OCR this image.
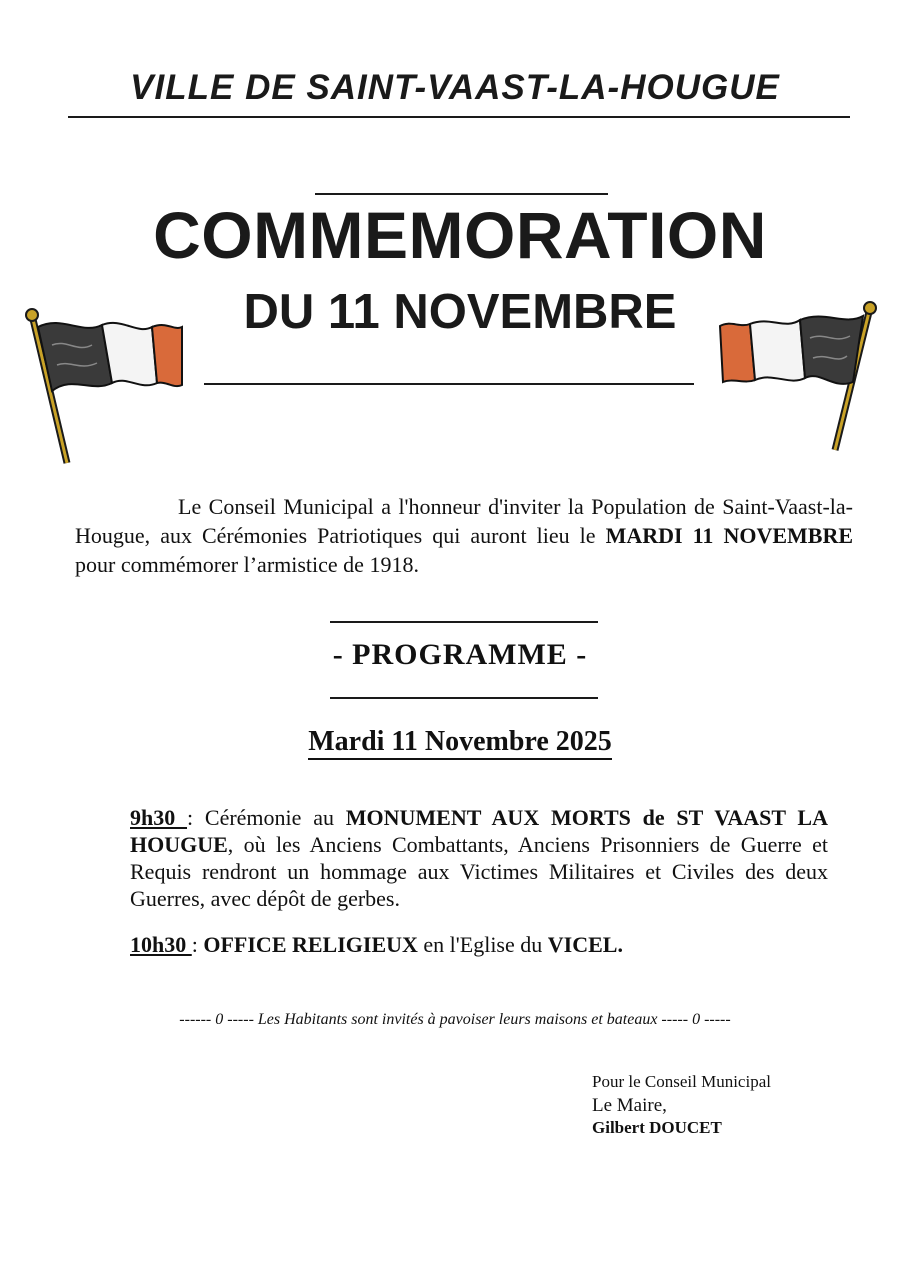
VILLE DE SAINT-VAAST-LA-HOUGUE
COMMEMORATION
DU 11 NOVEMBRE

Le Conseil Municipal a l'honneur d'inviter la Population de Saint-Vaast-la-Hougue, aux Cérémonies Patriotiques qui auront lieu le MARDI 11 NOVEMBRE pour commémorer l’armistice de 1918.

- PROGRAMME -
Mardi 11 Novembre 2025

9h30 : Cérémonie au MONUMENT AUX MORTS de ST VAAST LA HOUGUE, où les Anciens Combattants, Anciens Prisonniers de Guerre et Requis rendront un hommage aux Victimes Militaires et Civiles des deux Guerres, avec dépôt de gerbes.

10h30 : OFFICE RELIGIEUX en l'Eglise du VICEL.

------ 0 ----- Les Habitants sont invités à pavoiser leurs maisons et bateaux ----- 0 -----
Pour le Conseil Municipal
Le Maire,
Gilbert DOUCET
